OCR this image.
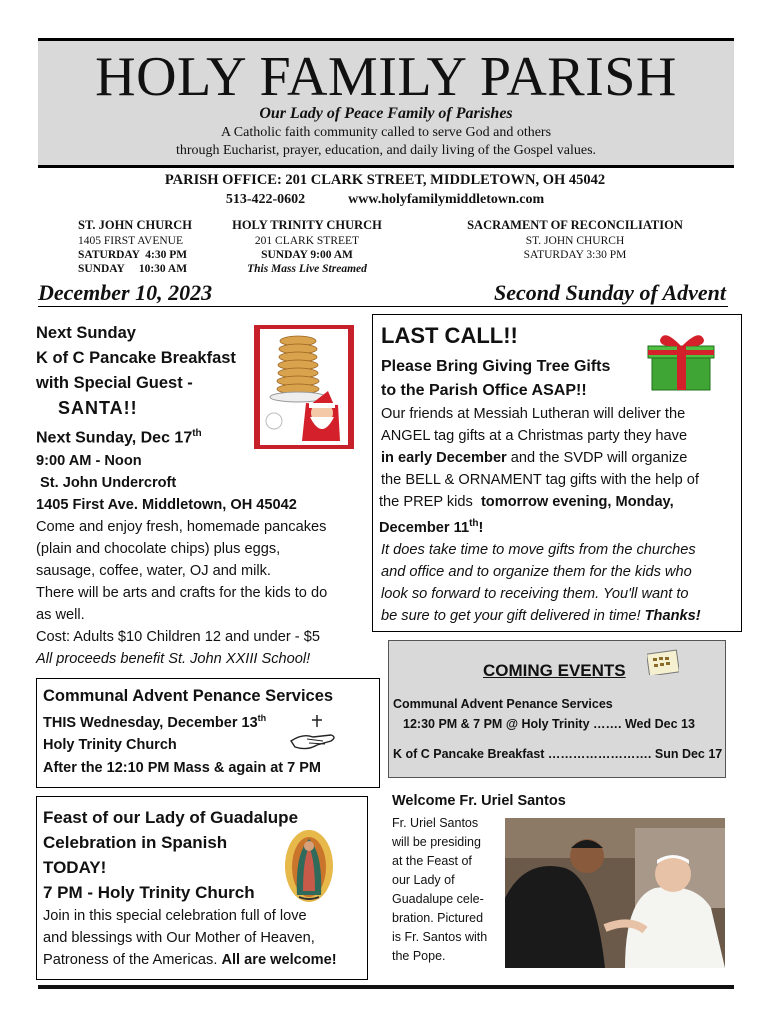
HOLY FAMILY PARISH
Our Lady of Peace Family of Parishes
A Catholic faith community called to serve God and others
through Eucharist, prayer, education, and daily living of the Gospel values.
PARISH OFFICE: 201 CLARK STREET, MIDDLETOWN, OH 45042
513-422-0602	www.holyfamilymiddletown.com
ST. JOHN CHURCH
1405 FIRST AVENUE
SATURDAY  4:30 PM
SUNDAY     10:30 AM
HOLY TRINITY CHURCH
201 CLARK STREET
SUNDAY 9:00 AM
This Mass Live Streamed
SACRAMENT OF RECONCILIATION
ST. JOHN CHURCH
SATURDAY 3:30 PM
December 10, 2023	Second Sunday of Advent
Next Sunday
K of C Pancake Breakfast
with Special Guest -
SANTA!!
Next Sunday, Dec 17th
9:00 AM - Noon
St. John Undercroft
1405 First Ave. Middletown, OH 45042
Come and enjoy fresh, homemade pancakes
(plain and chocolate chips) plus eggs,
sausage, coffee, water, OJ and milk.
There will be arts and crafts for the kids to do
as well.
Cost: Adults $10 Children 12 and under - $5
All proceeds benefit St. John XXIII School!
LAST CALL!!
Please Bring Giving Tree Gifts
to the Parish Office ASAP!!
Our friends at Messiah Lutheran will deliver the
ANGEL tag gifts at a Christmas party they have
in early December and the SVDP will organize
the BELL & ORNAMENT tag gifts with the help of
the PREP kids  tomorrow evening, Monday,
December 11th!
It does take time to move gifts from the churches
and office and to organize them for the kids who
look so forward to receiving them. You'll want to
be sure to get your gift delivered in time! Thanks!
COMING EVENTS
Communal Advent Penance Services
12:30 PM & 7 PM @ Holy Trinity ……. Wed Dec 13
K of C Pancake Breakfast ……………………. Sun Dec 17
Communal Advent Penance Services
THIS Wednesday, December 13th
Holy Trinity Church
After the 12:10 PM Mass & again at 7 PM
Feast of our Lady of Guadalupe
Celebration in Spanish
TODAY!
7 PM - Holy Trinity Church
Join in this special celebration full of love
and blessings with Our Mother of Heaven,
Patroness of the Americas. All are welcome!
Welcome Fr. Uriel Santos
Fr. Uriel Santos
will be presiding
at the Feast of
our Lady of
Guadalupe cele-
bration. Pictured
is Fr. Santos with
the Pope.
